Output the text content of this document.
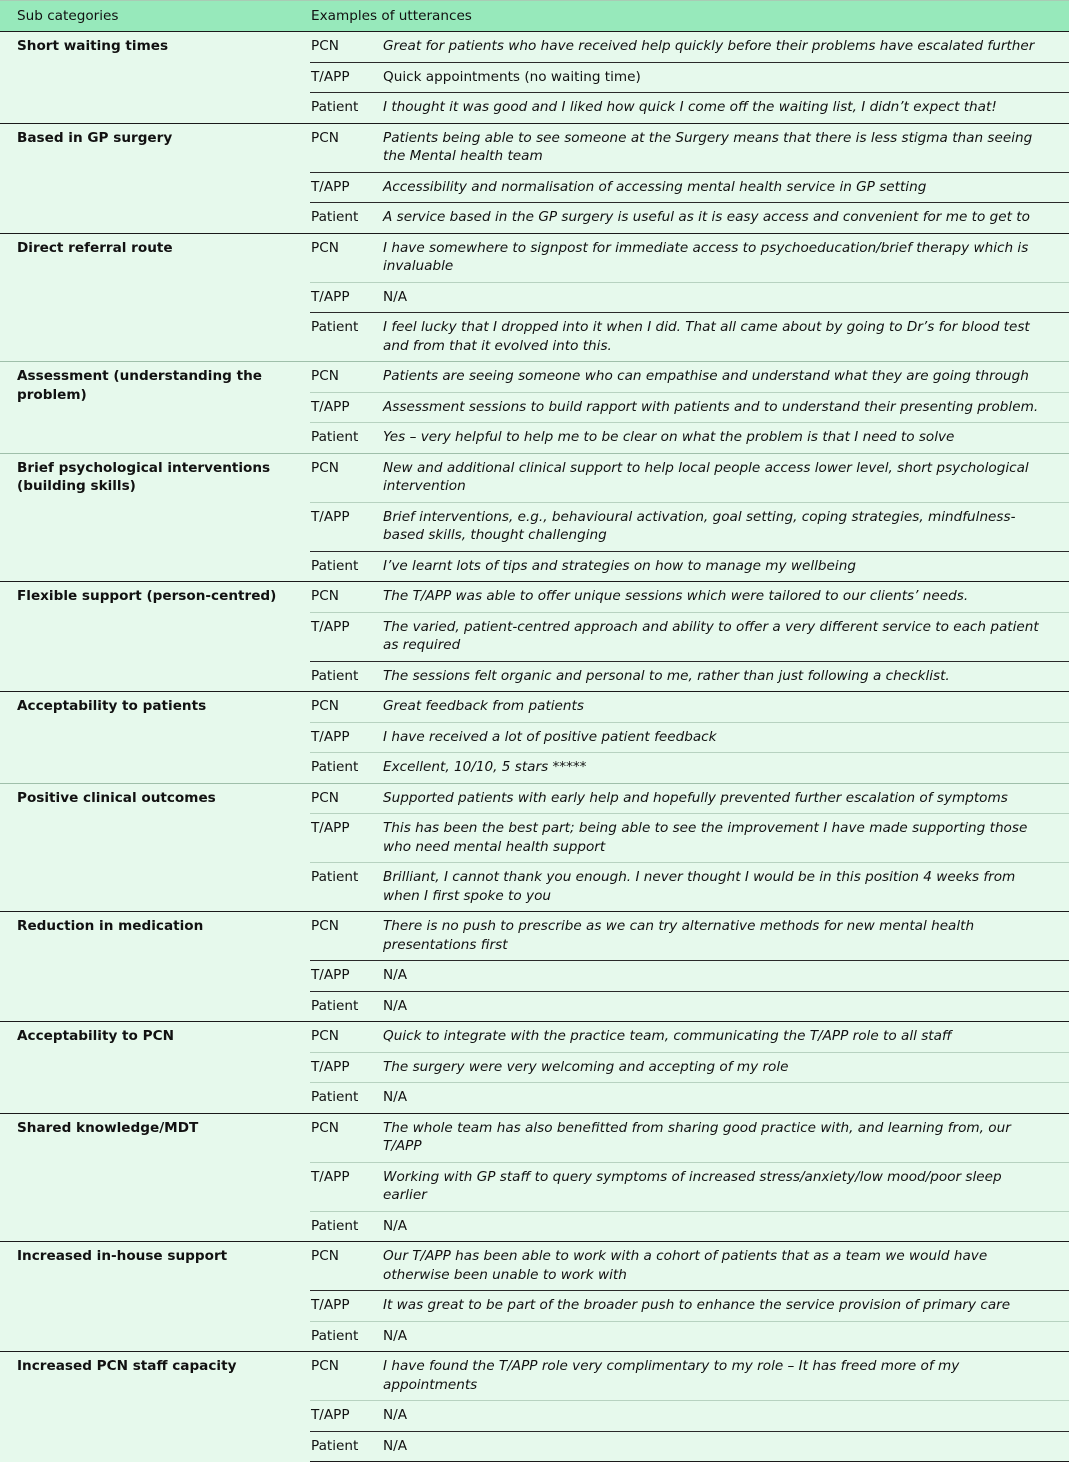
Sub categories	Examples of utterances	
Short waiting times	PCN	Great for patients who have received help quickly before their problems have escalated further
	T/APP	Quick appointments (no waiting time)
	Patient	I thought it was good and I liked how quick I come off the waiting list, I didn’t expect that!
Based in GP surgery	PCN	Patients being able to see someone at the Surgery means that there is less stigma than seeing the Mental health team
	T/APP	Accessibility and normalisation of accessing mental health service in GP setting
	Patient	A service based in the GP surgery is useful as it is easy access and convenient for me to get to
Direct referral route	PCN	I have somewhere to signpost for immediate access to psychoeducation/brief therapy which is invaluable
	T/APP	N/A
	Patient	I feel lucky that I dropped into it when I did. That all came about by going to Dr’s for blood test and from that it evolved into this.
Assessment (understanding the problem)	PCN	Patients are seeing someone who can empathise and understand what they are going through
	T/APP	Assessment sessions to build rapport with patients and to understand their presenting problem.
	Patient	Yes – very helpful to help me to be clear on what the problem is that I need to solve
Brief psychological interventions (building skills)	PCN	New and additional clinical support to help local people access lower level, short psychological intervention
	T/APP	Brief interventions, e.g., behavioural activation, goal setting, coping strategies, mindfulness-based skills, thought challenging
	Patient	I’ve learnt lots of tips and strategies on how to manage my wellbeing
Flexible support (person-centred)	PCN	The T/APP was able to offer unique sessions which were tailored to our clients’ needs.
	T/APP	The varied, patient-centred approach and ability to offer a very different service to each patient as required
	Patient	The sessions felt organic and personal to me, rather than just following a checklist.
Acceptability to patients	PCN	Great feedback from patients
	T/APP	I have received a lot of positive patient feedback
	Patient	Excellent, 10/10, 5 stars *****
Positive clinical outcomes	PCN	Supported patients with early help and hopefully prevented further escalation of symptoms
	T/APP	This has been the best part; being able to see the improvement I have made supporting those who need mental health support
	Patient	Brilliant, I cannot thank you enough. I never thought I would be in this position 4 weeks from when I first spoke to you
Reduction in medication	PCN	There is no push to prescribe as we can try alternative methods for new mental health presentations first
	T/APP	N/A
	Patient	N/A
Acceptability to PCN	PCN	Quick to integrate with the practice team, communicating the T/APP role to all staff
	T/APP	The surgery were very welcoming and accepting of my role
	Patient	N/A
Shared knowledge/MDT	PCN	The whole team has also benefitted from sharing good practice with, and learning from, our T/APP
	T/APP	Working with GP staff to query symptoms of increased stress/anxiety/low mood/poor sleep earlier
	Patient	N/A
Increased in-house support	PCN	Our T/APP has been able to work with a cohort of patients that as a team we would have otherwise been unable to work with
	T/APP	It was great to be part of the broader push to enhance the service provision of primary care
	Patient	N/A
Increased PCN staff capacity	PCN	I have found the T/APP role very complimentary to my role – It has freed more of my appointments
	T/APP	N/A
	Patient	N/A
